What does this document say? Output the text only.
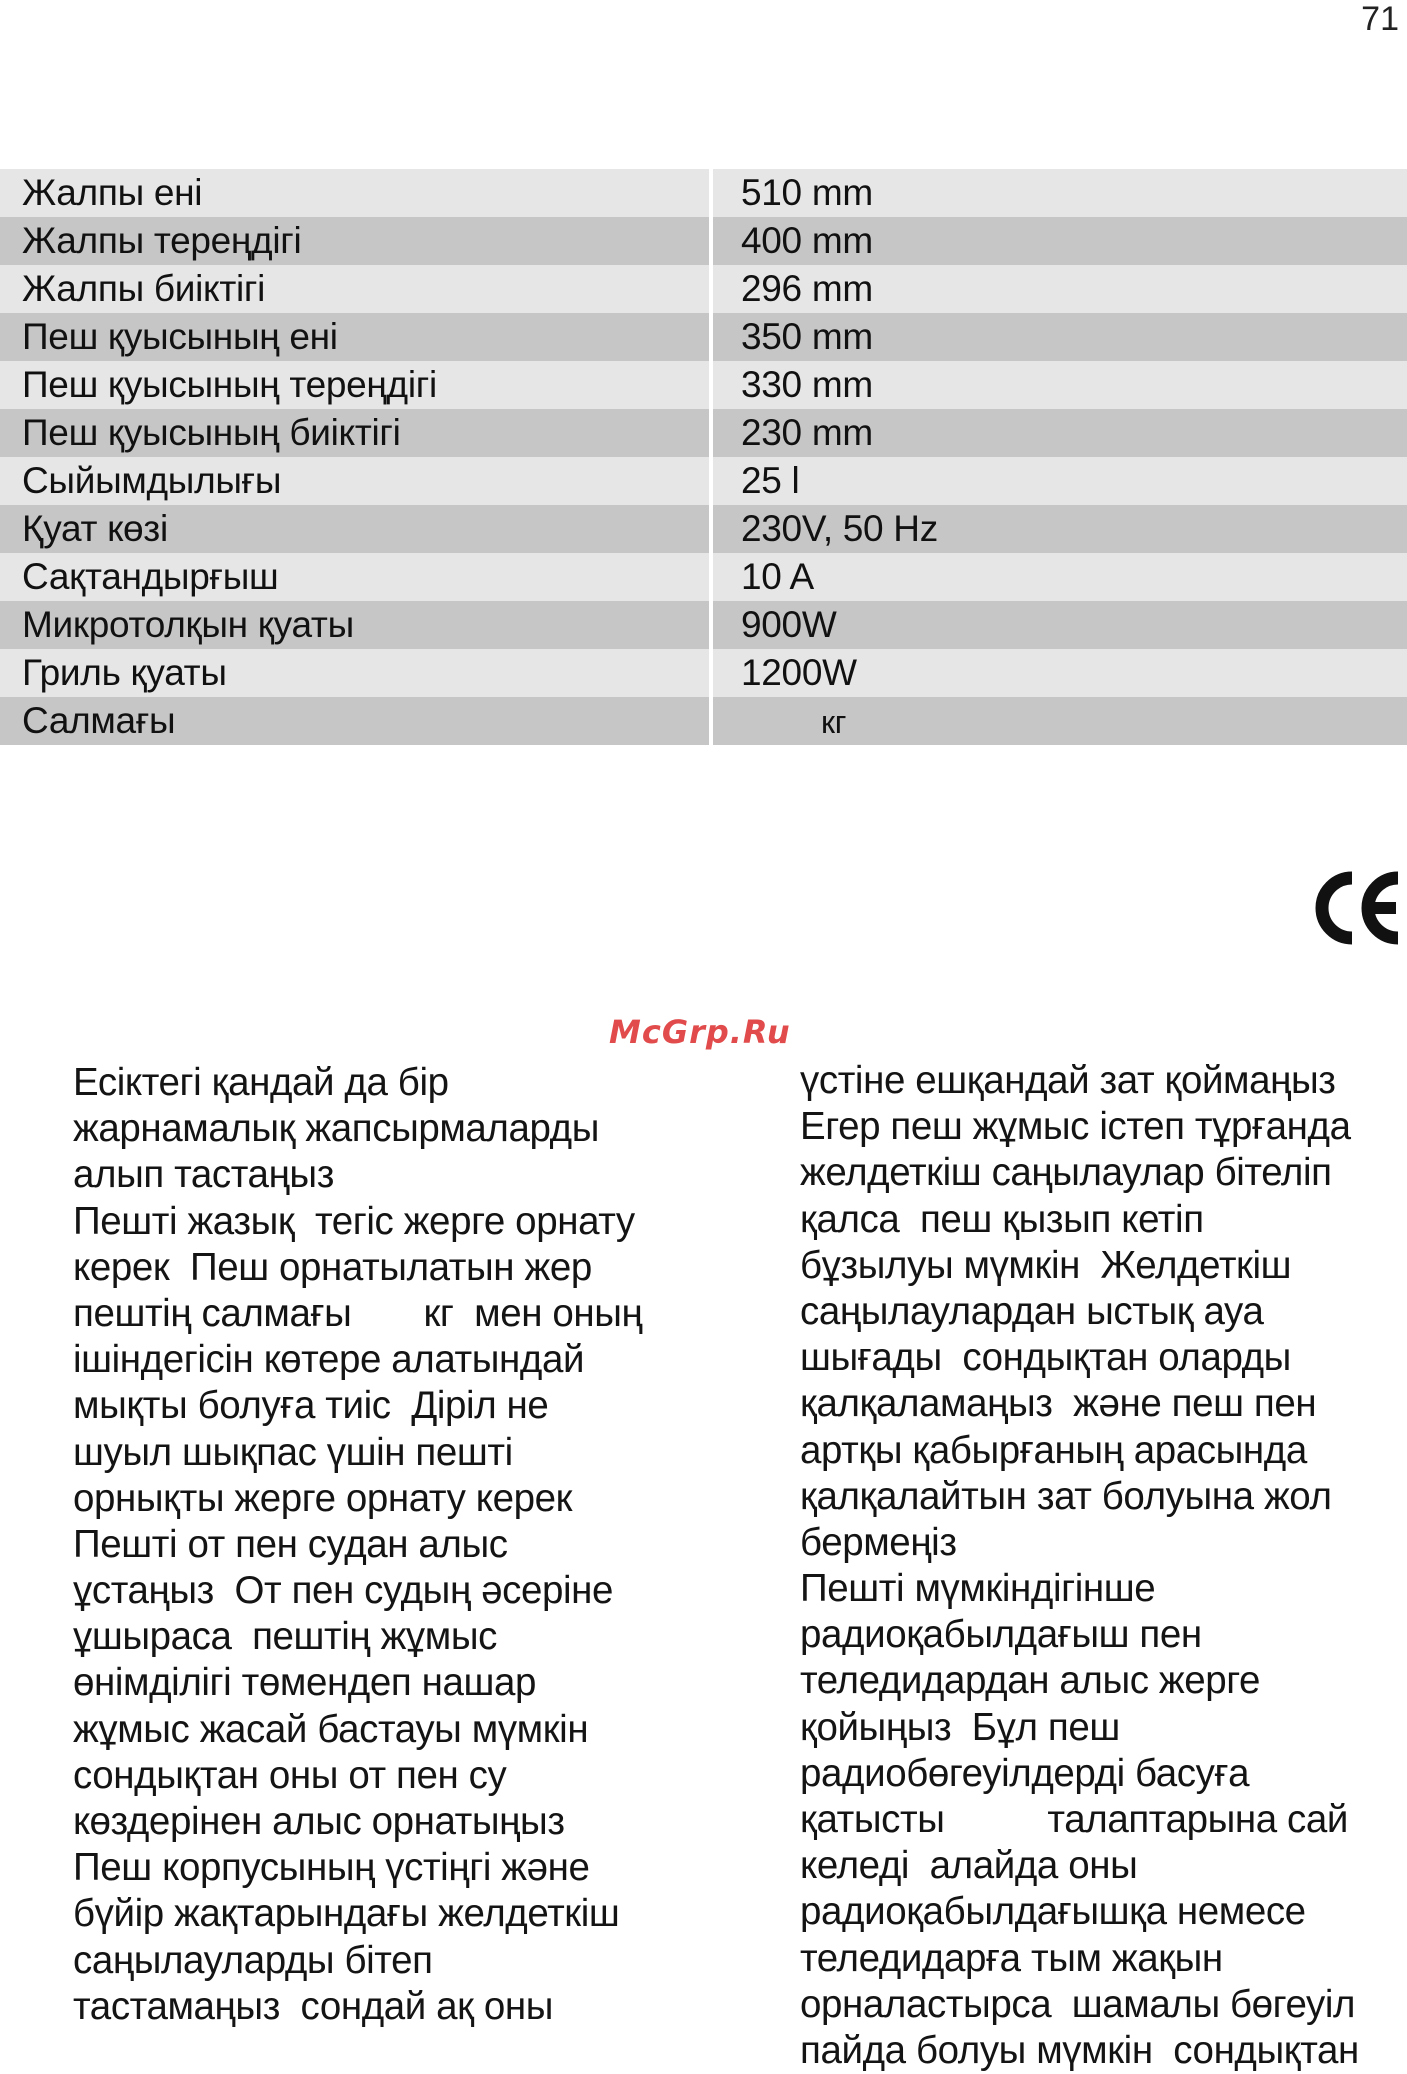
71
Жалпы ені		510 mm
Жалпы тереңдігі		400 mm
Жалпы биіктігі		296 mm
Пеш қуысының ені		350 mm
Пеш қуысының тереңдігі		330 mm
Пеш қуысының биіктігі		230 mm
Сыйымдылығы		25 l
Қуат көзі		230V, 50 Hz
Сақтандырғыш		10 A
Микротолқын қуаты		900W
Гриль қуаты		1200W
Салмағы		кг
McGrp.Ru
Есіктегі қандай да бір
жарнамалық жапсырмаларды
алып тастаңыз
Пешті жазық  тегіс жерге орнату
керек  Пеш орнатылатын жер
пештің салмағы       кг  мен оның
ішіндегісін көтере алатындай
мықты болуға тиіс  Діріл не
шуыл шықпас үшін пешті
орнықты жерге орнату керек
Пешті от пен судан алыс
ұстаңыз  От пен судың әсеріне
ұшыраса  пештің жұмыс
өнімділігі төмендеп нашар
жұмыс жасай бастауы мүмкін
сондықтан оны от пен су
көздерінен алыс орнатыңыз
Пеш корпусының үстіңгі және
бүйір жақтарындағы желдеткіш
саңылауларды бітеп
тастамаңыз  сондай ақ оны
үстіне ешқандай зат қоймаңыз
Егер пеш жұмыс істеп тұрғанда
желдеткіш саңылаулар бітеліп
қалса  пеш қызып кетіп
бұзылуы мүмкін  Желдеткіш
саңылаулардан ыстық ауа
шығады  сондықтан оларды
қалқаламаңыз  және пеш пен
артқы қабырғаның арасында
қалқалайтын зат болуына жол
бермеңіз
Пешті мүмкіндігінше
радиоқабылдағыш пен
теледидардан алыс жерге
қойыңыз  Бұл пеш
радиобөгеуілдерді басуға
қатысты          талаптарына сай
келеді  алайда оны
радиоқабылдағышқа немесе
теледидарға тым жақын
орналастырса  шамалы бөгеуіл
пайда болуы мүмкін  сондықтан
